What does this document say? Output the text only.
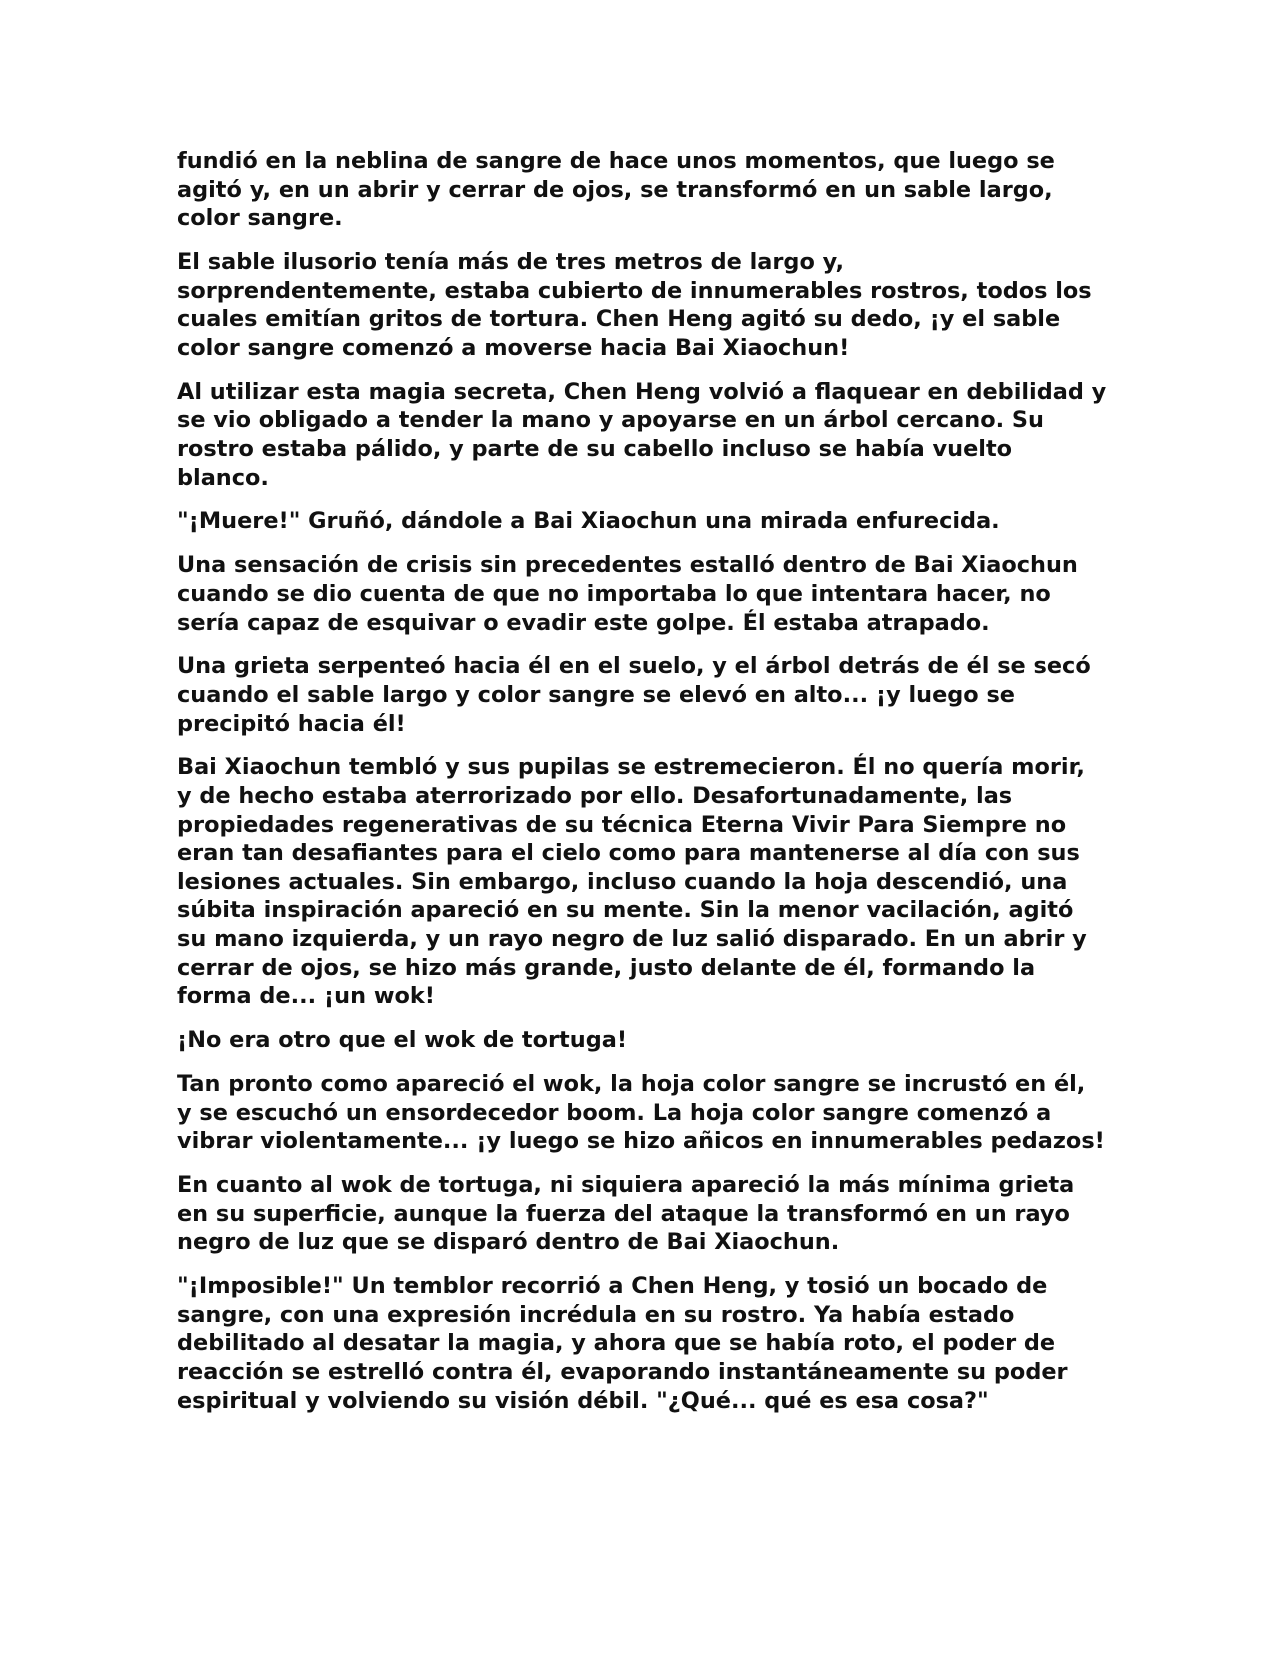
fundió en la neblina de sangre de hace unos momentos, que luego se agitó y, en un abrir y cerrar de ojos, se transformó en un sable largo, color sangre.

El sable ilusorio tenía más de tres metros de largo y, sorprendentemente, estaba cubierto de innumerables rostros, todos los cuales emitían gritos de tortura. Chen Heng agitó su dedo, ¡y el sable color sangre comenzó a moverse hacia Bai Xiaochun!

Al utilizar esta magia secreta, Chen Heng volvió a flaquear en debilidad y se vio obligado a tender la mano y apoyarse en un árbol cercano. Su rostro estaba pálido, y parte de su cabello incluso se había vuelto blanco.

"¡Muere!" Gruñó, dándole a Bai Xiaochun una mirada enfurecida.

Una sensación de crisis sin precedentes estalló dentro de Bai Xiaochun cuando se dio cuenta de que no importaba lo que intentara hacer, no sería capaz de esquivar o evadir este golpe. Él estaba atrapado.

Una grieta serpenteó hacia él en el suelo, y el árbol detrás de él se secó cuando el sable largo y color sangre se elevó en alto... ¡y luego se precipitó hacia él!

Bai Xiaochun tembló y sus pupilas se estremecieron. Él no quería morir, y de hecho estaba aterrorizado por ello. Desafortunadamente, las propiedades regenerativas de su técnica Eterna Vivir Para Siempre no eran tan desafiantes para el cielo como para mantenerse al día con sus lesiones actuales. Sin embargo, incluso cuando la hoja descendió, una súbita inspiración apareció en su mente. Sin la menor vacilación, agitó su mano izquierda, y un rayo negro de luz salió disparado. En un abrir y cerrar de ojos, se hizo más grande, justo delante de él, formando la forma de... ¡un wok!

¡No era otro que el wok de tortuga!

Tan pronto como apareció el wok, la hoja color sangre se incrustó en él, y se escuchó un ensordecedor boom. La hoja color sangre comenzó a vibrar violentamente... ¡y luego se hizo añicos en innumerables pedazos!

En cuanto al wok de tortuga, ni siquiera apareció la más mínima grieta en su superficie, aunque la fuerza del ataque la transformó en un rayo negro de luz que se disparó dentro de Bai Xiaochun.

"¡Imposible!" Un temblor recorrió a Chen Heng, y tosió un bocado de sangre, con una expresión incrédula en su rostro. Ya había estado debilitado al desatar la magia, y ahora que se había roto, el poder de reacción se estrelló contra él, evaporando instantáneamente su poder espiritual y volviendo su visión débil. "¿Qué... qué es esa cosa?"
